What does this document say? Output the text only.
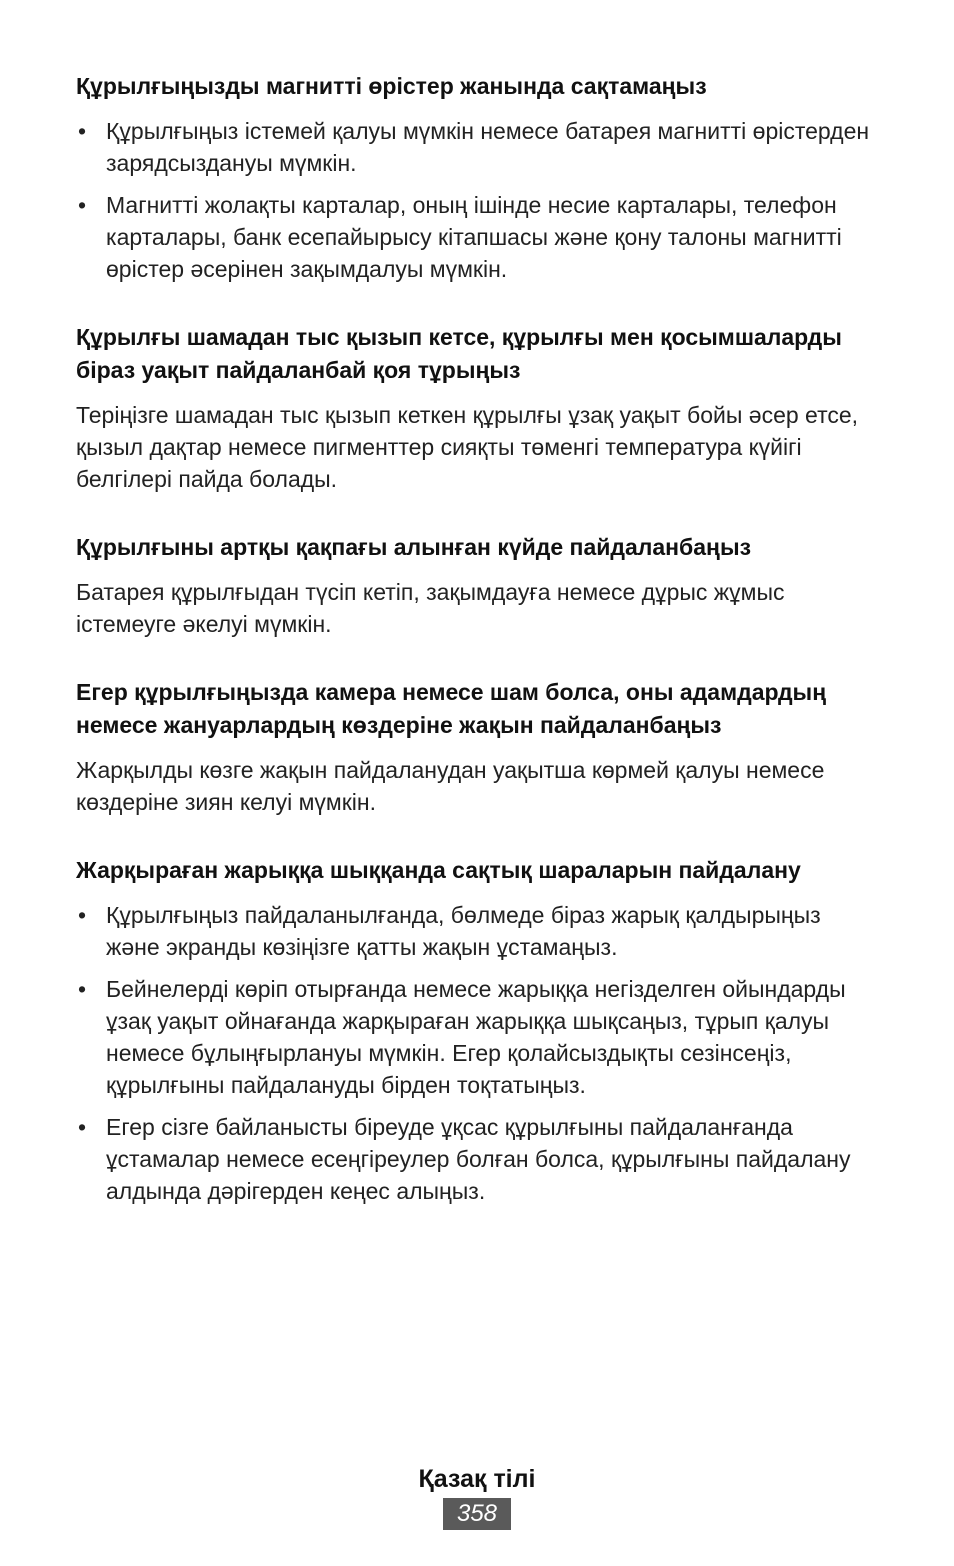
Құрылғыңызды магнитті өрістер жанында сақтамаңыз
• Құрылғыңыз істемей қалуы мүмкін немесе батарея магнитті өрістерден зарядсыздануы мүмкін.
• Магнитті жолақты карталар, оның ішінде несие карталары, телефон карталары, банк есепайырысу кітапшасы және қону талоны магнитті өрістер әсерінен зақымдалуы мүмкін.
Құрылғы шамадан тыс қызып кетсе, құрылғы мен қосымшаларды біраз уақыт пайдаланбай қоя тұрыңыз

Теріңізге шамадан тыс қызып кеткен құрылғы ұзақ уақыт бойы әсер етсе, қызыл дақтар немесе пигменттер сияқты төменгі температура күйігі белгілері пайда болады.

Құрылғыны артқы қақпағы алынған күйде пайдаланбаңыз

Батарея құрылғыдан түсіп кетіп, зақымдауға немесе дұрыс жұмыс істемеуге әкелуі мүмкін.

Егер құрылғыңызда камера немесе шам болса, оны адамдардың немесе жануарлардың көздеріне жақын пайдаланбаңыз

Жарқылды көзге жақын пайдаланудан уақытша көрмей қалуы немесе көздеріне зиян келуі мүмкін.

Жарқыраған жарыққа шыққанда сақтық шараларын пайдалану
• Құрылғыңыз пайдаланылғанда, бөлмеде біраз жарық қалдырыңыз және экранды көзіңізге қатты жақын ұстамаңыз.
• Бейнелерді көріп отырғанда немесе жарыққа негізделген ойындарды ұзақ уақыт ойнағанда жарқыраған жарыққа шықсаңыз, тұрып қалуы немесе бұлыңғырлануы мүмкін. Егер қолайсыздықты сезінсеңіз, құрылғыны пайдалануды бірден тоқтатыңыз.
• Егер сізге байланысты біреуде ұқсас құрылғыны пайдаланғанда ұстамалар немесе есеңгіреулер болған болса, құрылғыны пайдалану алдында дәрігерден кеңес алыңыз.
Қазақ тілі
358
